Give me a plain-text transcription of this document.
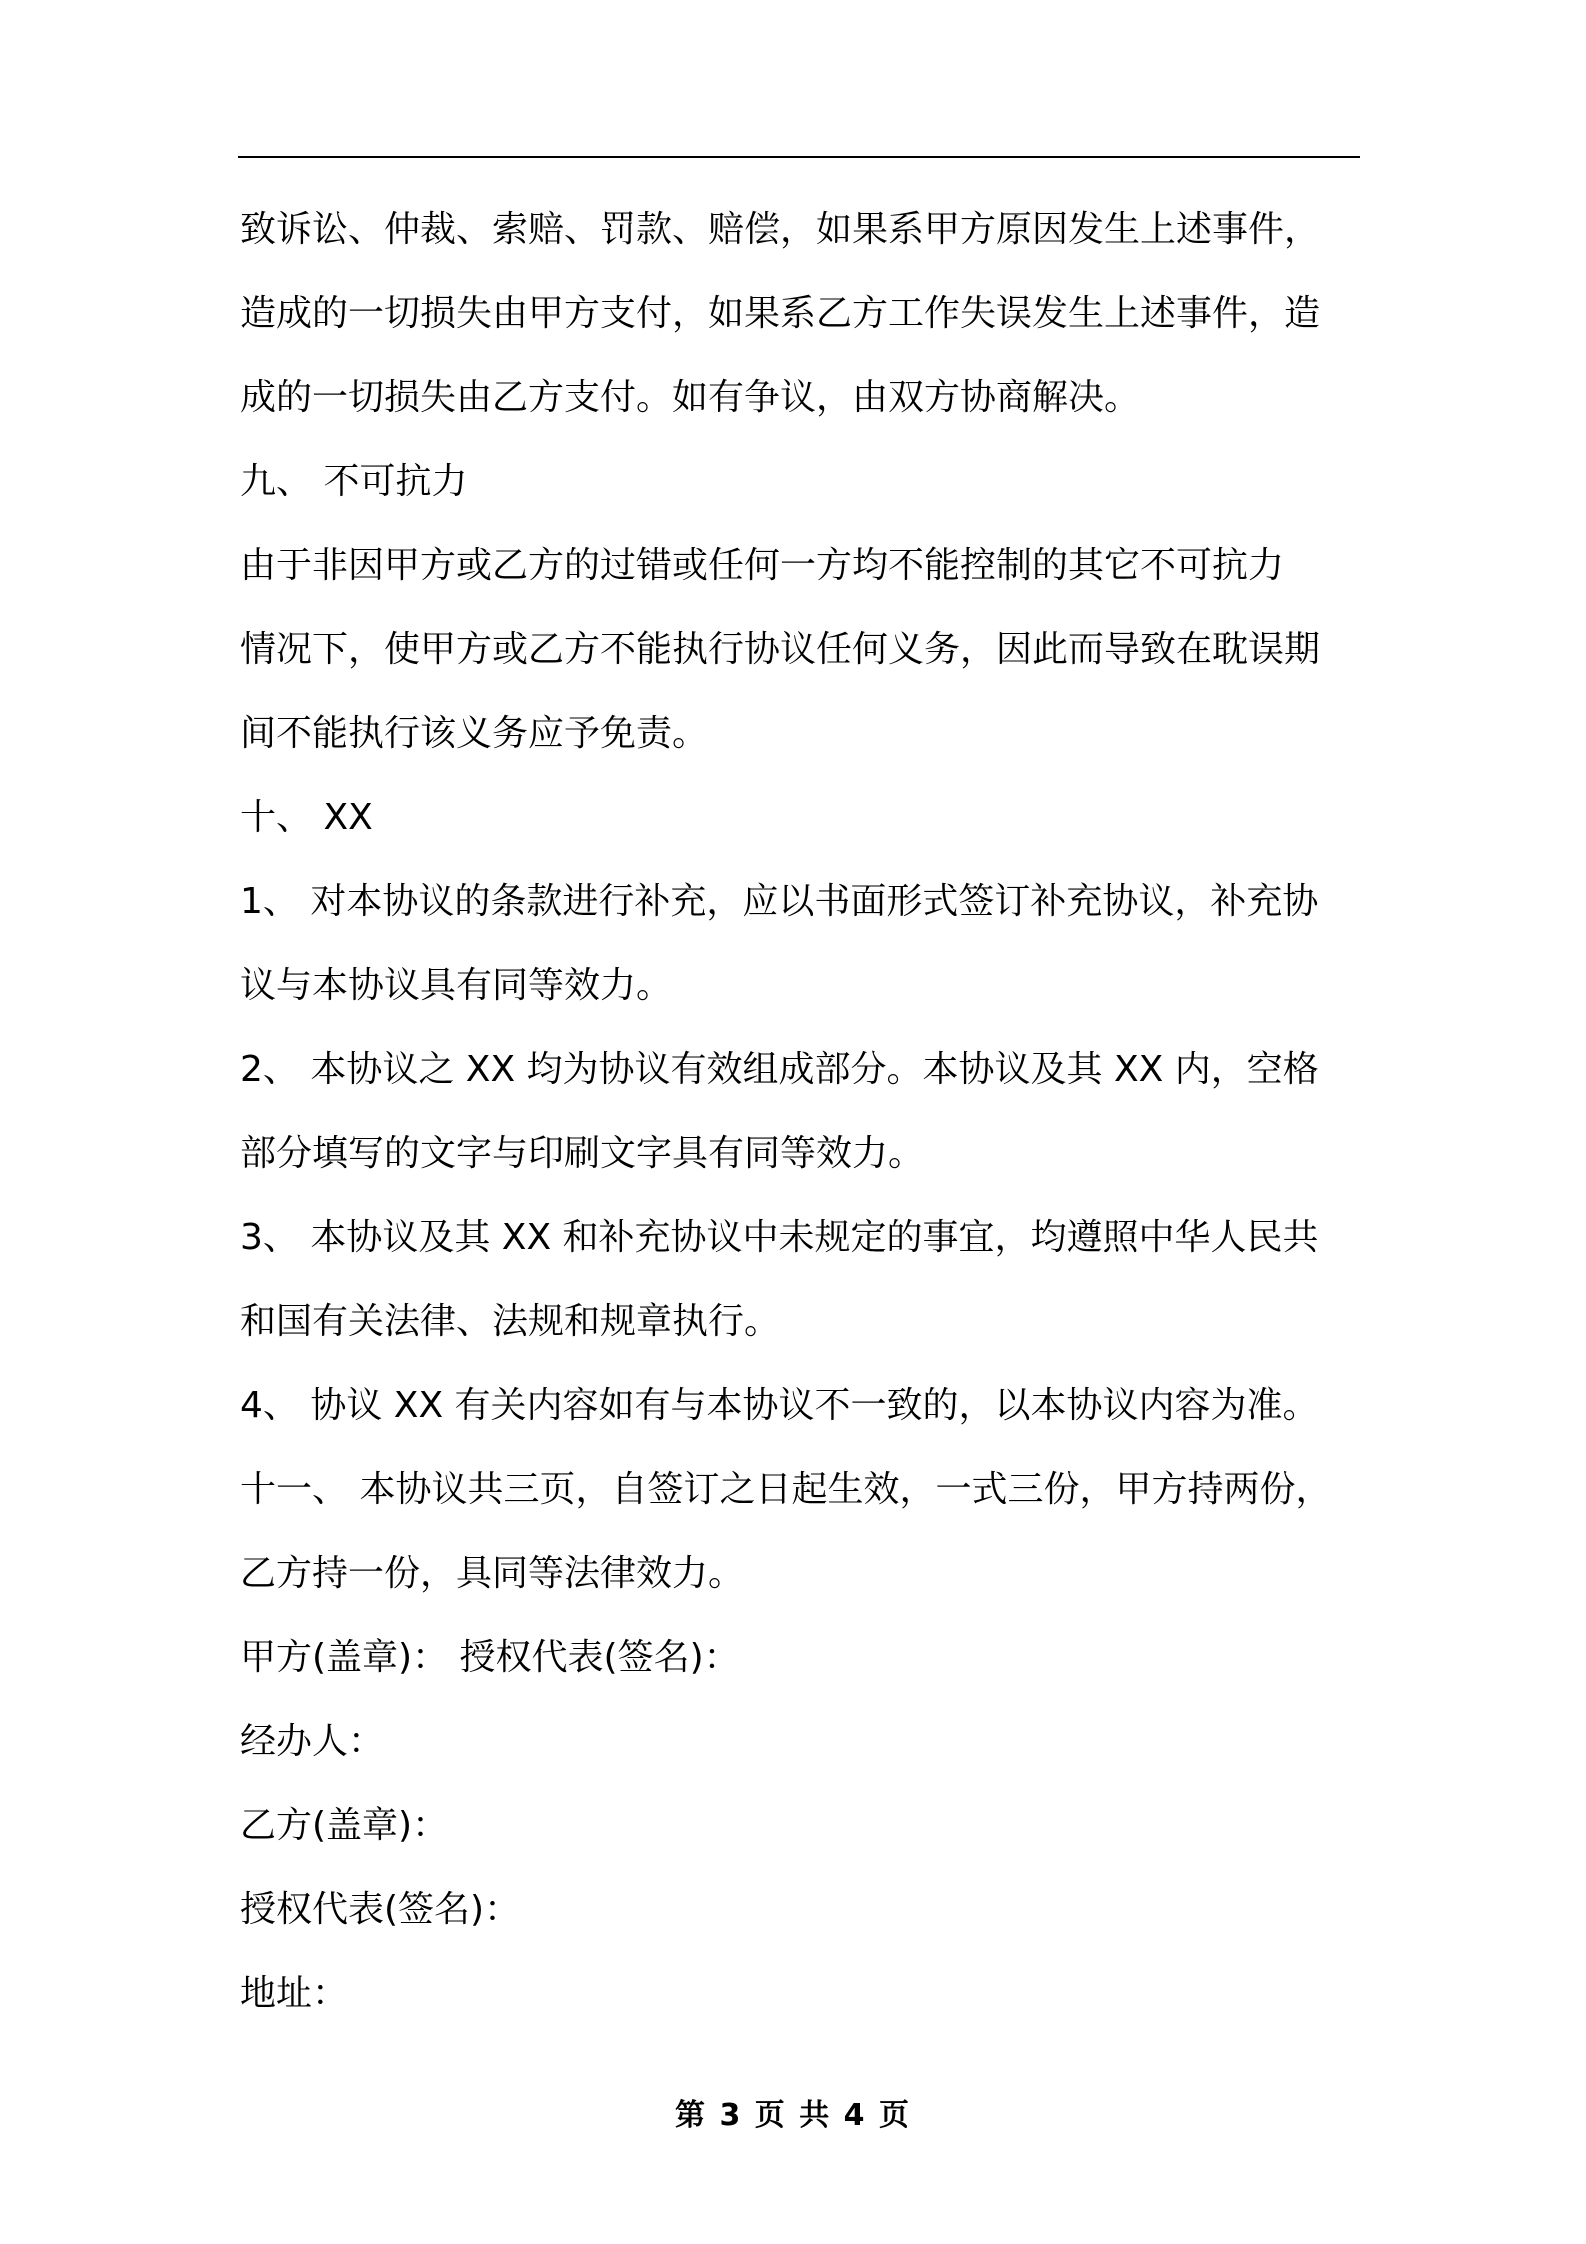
致诉讼、仲裁、索赔、罚款、赔偿，如果系甲方原因发生上述事件，
造成的一切损失由甲方支付，如果系乙方工作失误发生上述事件，造
成的一切损失由乙方支付。如有争议，由双方协商解决。
九、 不可抗力
由于非因甲方或乙方的过错或任何一方均不能控制的其它不可抗力
情况下，使甲方或乙方不能执行协议任何义务，因此而导致在耽误期
间不能执行该义务应予免责。
十、 XX
1、 对本协议的条款进行补充，应以书面形式签订补充协议，补充协
议与本协议具有同等效力。
2、 本协议之 XX 均为协议有效组成部分。本协议及其 XX 内，空格
部分填写的文字与印刷文字具有同等效力。
3、 本协议及其 XX 和补充协议中未规定的事宜，均遵照中华人民共
和国有关法律、法规和规章执行。
4、 协议 XX 有关内容如有与本协议不一致的，以本协议内容为准。
十一、 本协议共三页，自签订之日起生效，一式三份，甲方持两份，
乙方持一份，具同等法律效力。
甲方(盖章)： 授权代表(签名)：
经办人：
乙方(盖章)：
授权代表(签名)：
地址：
第 3 页 共 4 页
